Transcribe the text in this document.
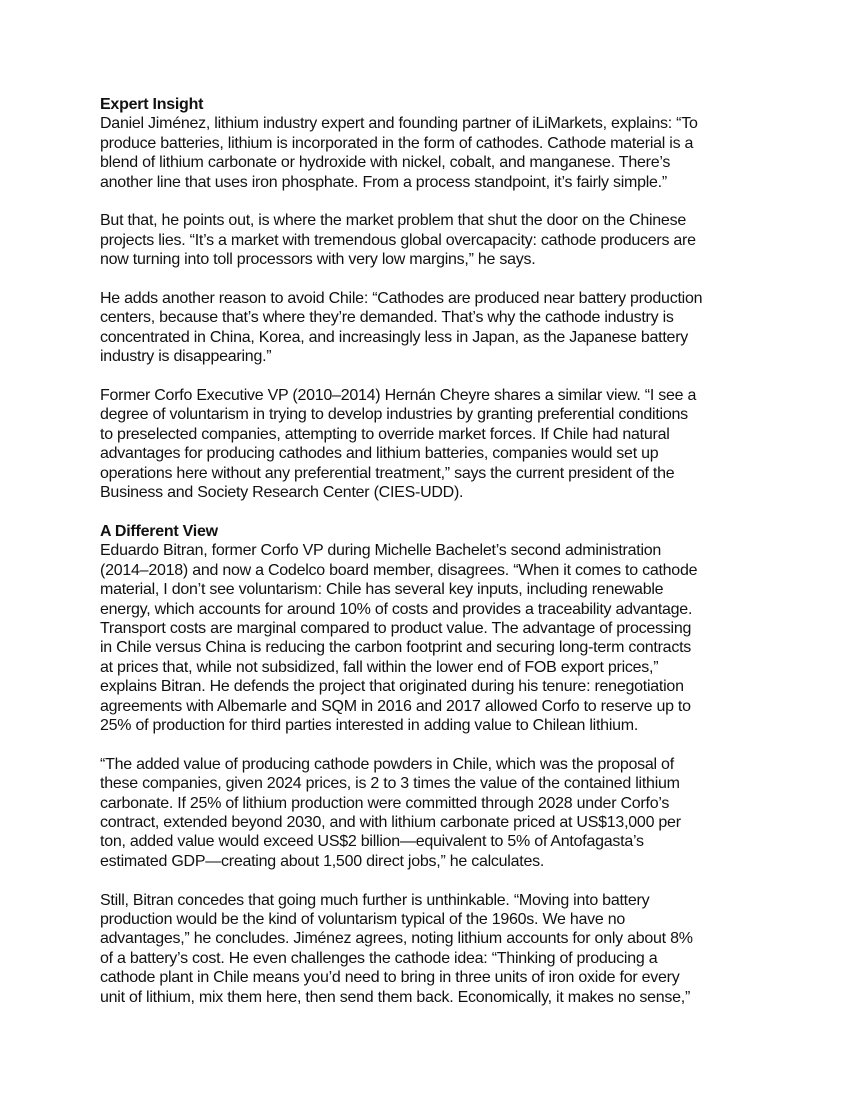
Expert Insight

Daniel Jiménez, lithium industry expert and founding partner of iLiMarkets, explains: “To
produce batteries, lithium is incorporated in the form of cathodes. Cathode material is a
blend of lithium carbonate or hydroxide with nickel, cobalt, and manganese. There’s
another line that uses iron phosphate. From a process standpoint, it’s fairly simple.”

But that, he points out, is where the market problem that shut the door on the Chinese
projects lies. “It’s a market with tremendous global overcapacity: cathode producers are
now turning into toll processors with very low margins,” he says.

He adds another reason to avoid Chile: “Cathodes are produced near battery production
centers, because that’s where they’re demanded. That’s why the cathode industry is
concentrated in China, Korea, and increasingly less in Japan, as the Japanese battery
industry is disappearing.”

Former Corfo Executive VP (2010–2014) Hernán Cheyre shares a similar view. “I see a
degree of voluntarism in trying to develop industries by granting preferential conditions
to preselected companies, attempting to override market forces. If Chile had natural
advantages for producing cathodes and lithium batteries, companies would set up
operations here without any preferential treatment,” says the current president of the
Business and Society Research Center (CIES-UDD).

A Different View

Eduardo Bitran, former Corfo VP during Michelle Bachelet’s second administration
(2014–2018) and now a Codelco board member, disagrees. “When it comes to cathode
material, I don’t see voluntarism: Chile has several key inputs, including renewable
energy, which accounts for around 10% of costs and provides a traceability advantage.
Transport costs are marginal compared to product value. The advantage of processing
in Chile versus China is reducing the carbon footprint and securing long-term contracts
at prices that, while not subsidized, fall within the lower end of FOB export prices,”
explains Bitran. He defends the project that originated during his tenure: renegotiation
agreements with Albemarle and SQM in 2016 and 2017 allowed Corfo to reserve up to
25% of production for third parties interested in adding value to Chilean lithium.

“The added value of producing cathode powders in Chile, which was the proposal of
these companies, given 2024 prices, is 2 to 3 times the value of the contained lithium
carbonate. If 25% of lithium production were committed through 2028 under Corfo’s
contract, extended beyond 2030, and with lithium carbonate priced at US$13,000 per
ton, added value would exceed US$2 billion—equivalent to 5% of Antofagasta’s
estimated GDP—creating about 1,500 direct jobs,” he calculates.

Still, Bitran concedes that going much further is unthinkable. “Moving into battery
production would be the kind of voluntarism typical of the 1960s. We have no
advantages,” he concludes. Jiménez agrees, noting lithium accounts for only about 8%
of a battery’s cost. He even challenges the cathode idea: “Thinking of producing a
cathode plant in Chile means you’d need to bring in three units of iron oxide for every
unit of lithium, mix them here, then send them back. Economically, it makes no sense,”
